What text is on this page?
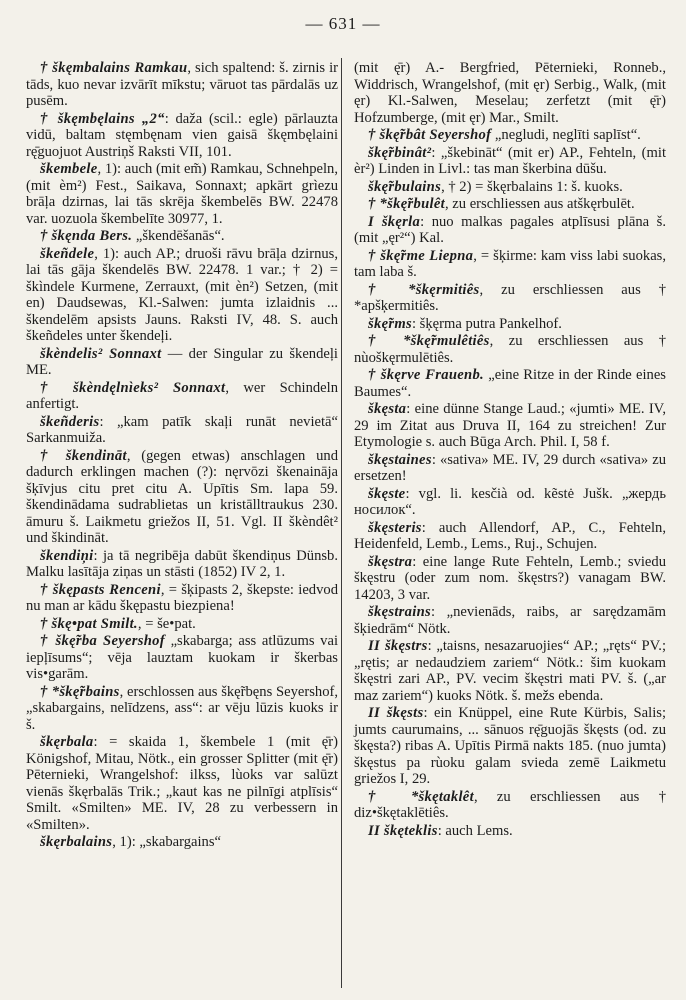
— 631 —

† škęmbalains Ramkau, sich spaltend: š. zirnis ir tāds, kuo nevar izvārīt mīkstu; vāruot tas pārdalās uz pusēm.

† škęmbęlains „2“: daža (scil.: egle) pārlauzta vidū, baltam stęmbęnam vien gaisā škęmbęlaini rę̄guojuot Austriņš Raksti VII, 101.

škembele, 1): auch (mit em̃) Ramkau, Schnehpeln, (mit èm²) Fest., Saikava, Sonnaxt; apkārt grìezu brāļa dzirnas, lai tās skrēja škembelēs BW. 22478 var. uozuola škembelīte 30977, 1.

† škęnda Bers. „škendēšanās“.

škeñdele, 1): auch AP.; druoši rāvu brāļa dzirnus, lai tās gāja škendelēs BW. 22478. 1 var.; † 2) = škìndele Kurmene, Zerrauxt, (mit èn²) Setzen, (mit en) Daudsewas, Kl.-Salwen: jumta izlaidnis ... škendelēm apsists Jauns. Raksti IV, 48. S. auch škeñdeles unter škendeļi.

škèndelis² Sonnaxt — der Singular zu škendeļi ME.

† škèndęlnìeks² Sonnaxt, wer Schindeln anfertigt.

škeñderis: „kam patīk skaļi runāt nevietā“ Sarkanmuiža.

† škendināt, (gegen etwas) anschlagen und dadurch erklingen machen (?): nęrvōzi škenaināja šķīvjus citu pret citu A. Upītis Sm. lapa 59. škendinādama sudrablietas un kristālltraukus 230. āmuru š. Laikmetu griežos II, 51. Vgl. II škèndêt² und škindināt.

škendiņi: ja tā negribēja dabūt škendiņus Dünsb. Malku lasītāja ziņas un stāsti (1852) IV 2, 1.

† škępasts Renceni, = šķipasts 2, škepste: iedvod nu man ar kādu škępastu biezpiena!

† škę•pat Smilt., = še•pat.

† škę̃rba Seyershof „skabarga; ass atlūzums vai iepļīsums“; vēja lauztam kuokam ir škerbas vis•garām.

† *škę̃rbains, erschlossen aus škę̃rbęns Seyershof, „skabargains, nelīdzens, ass“: ar vēju lūzis kuoks ir š.

škęrbala: = skaida 1, škembele 1 (mit ę̄r) Königshof, Mitau, Nötk., ein grosser Splitter (mit ę̄r) Pēternieki, Wrangelshof: ilkss, lùoks var salūzt vienās škęrbalās Trik.; „kaut kas ne pilnīgi atplīsis“ Smilt. «Smilten» ME. IV, 28 zu verbessern in «Smilten».

škęrbalains, 1): „skabargains“

(mit ę̄r) A.- Bergfried, Pēternieki, Ronneb., Widdrisch, Wrangelshof, (mit ęr) Serbig., Walk, (mit ęr) Kl.-Salwen, Meselau; zerfetzt (mit ę̄r) Hofzumberge, (mit ęr) Mar., Smilt.

† škę̃rbât Seyershof „negludi, neglīti saplīst“.

škę̃rbinât²: „škebināt“ (mit er) AP., Fehteln, (mit èr²) Linden in Livl.: tas man škerbina dūšu.

škę̃rbulains, † 2) = škęrbalains 1: š. kuoks.

† *škę̃rbulêt, zu erschliessen aus atškęrbulēt.

I škęrla: nuo malkas pagales atplīsusi plāna š. (mit „ęr²“) Kal.

† škę̃rme Liepna, = šķirme: kam viss labi suokas, tam laba š.

† *škęrmitiês, zu erschliessen aus † *apšķermitiês.

škę̃rms: šķęrma putra Pankelhof.

† *škę̃rmulêtiês, zu erschliessen aus † nùoškęrmulētiês.

† škęrve Frauenb. „eine Ritze in der Rinde eines Baumes“.

škęsta: eine dünne Stange Laud.; «jumti» ME. IV, 29 im Zitat aus Druva II, 164 zu streichen! Zur Etymologie s. auch Būga Arch. Phil. I, 58 f.

škęstaines: «sativa» ME. IV, 29 durch «sativa» zu ersetzen!

škęste: vgl. li. kesčià od. kẽstė Jušk. „жердь носилок“.

škęsteris: auch Allendorf, AP., C., Fehteln, Heidenfeld, Lemb., Lems., Ruj., Schujen.

škęstra: eine lange Rute Fehteln, Lemb.; sviedu škęstru (oder zum nom. škęstrs?) vanagam BW. 14203, 3 var.

škęstrains: „nevienāds, raibs, ar sarędzamām šķiedrām“ Nötk.

II škęstrs: „taisns, nesazaruojies“ AP.; „ręts“ PV.; „rętis; ar nedaudziem zariem“ Nötk.: šim kuokam škęstri zari AP., PV. vecim škęstri mati PV. š. („ar maz zariem“) kuoks Nötk. š. mežs ebenda.

II škęsts: ein Knüppel, eine Rute Kürbis, Salis; jumts caurumains, ... sānuos rę̄guojās škęsts (od. zu škęsta?) ribas A. Upītis Pirmā nakts 185. (nuo jumta) škęstus pa rùoku galam svieda zemē Laikmetu griežos I, 29.

† *škętaklêt, zu erschliessen aus † diz•škętaklētiês.

II škęteklis: auch Lems.
